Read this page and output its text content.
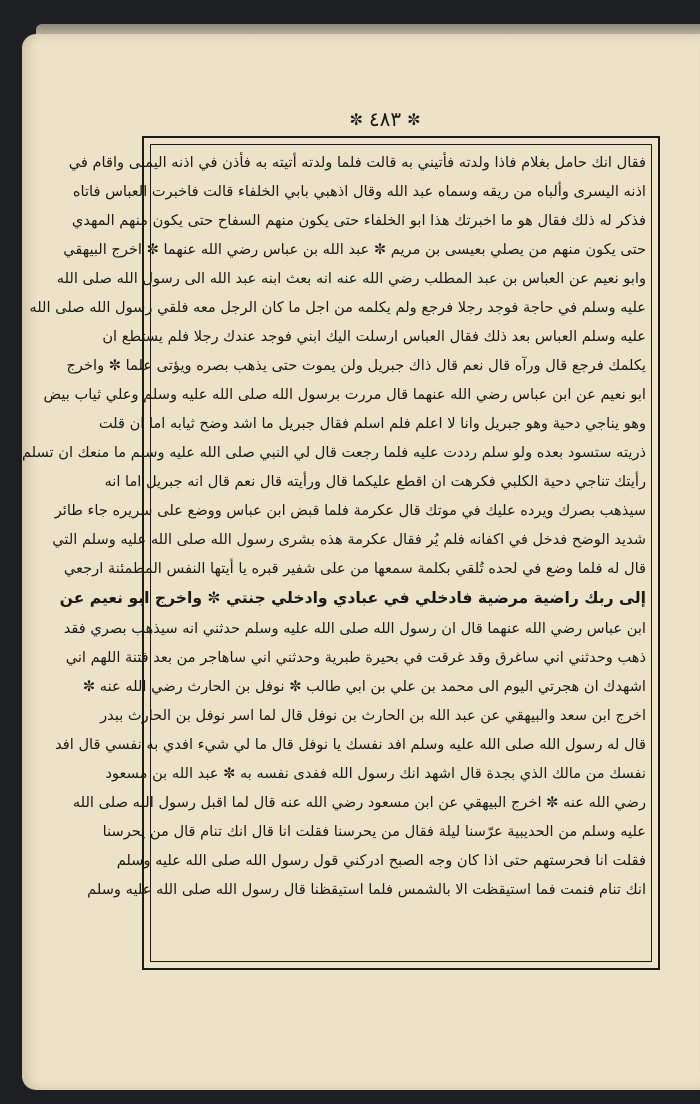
✼ ٤٨٣ ✼
فقال انك حامل بغلام فاذا ولدته فأتيني به قالت فلما ولدته أتيته به فأذن في اذنه اليمنى واقام في
اذنه اليسرى وألباه من ريقه وسماه عبد الله وقال اذهبي بابي الخلفاء قالت فاخبرت العباس فاتاه
فذكر له ذلك فقال هو ما اخبرتك هذا ابو الخلفاء حتى يكون منهم السفاح حتى يكون منهم المهدي
حتى يكون منهم من يصلي بعيسى بن مريم ✼ عبد الله بن عباس رضي الله عنهما ✼ اخرج البيهقي
وابو نعيم عن العباس بن عبد المطلب رضي الله عنه انه بعث ابنه عبد الله الى رسول الله صلى الله
عليه وسلم في حاجة فوجد رجلا فرجع ولم يكلمه من اجل ما كان الرجل معه فلقي رسول الله صلى الله
عليه وسلم العباس بعد ذلك فقال العباس ارسلت اليك ابني فوجد عندك رجلا فلم يستطع ان
يكلمك فرجع قال ورآه قال نعم قال ذاك جبريل ولن يموت حتى يذهب بصره ويؤتى علما ✼ واخرج
ابو نعيم عن ابن عباس رضي الله عنهما قال مررت برسول الله صلى الله عليه وسلم وعلي ثياب بيض
وهو يناجي دحية وهو جبريل وانا لا اعلم فلم اسلم فقال جبريل ما اشد وضح ثيابه اما ان قلت
ذريته ستسود بعده ولو سلم رددت عليه فلما رجعت قال لي النبي صلى الله عليه وسلم ما منعك ان تسلم
رأيتك تناجي دحية الكلبي فكرهت ان اقطع عليكما قال ورأيته قال نعم قال انه جبريل اما انه
سيذهب بصرك ويرده عليك في موتك قال عكرمة فلما قبض ابن عباس ووضع على سريره جاء طائر
شديد الوضح فدخل في اكفانه فلم يُر فقال عكرمة هذه بشرى رسول الله صلى الله عليه وسلم التي
قال له فلما وضع في لحده تُلقي بكلمة سمعها من على شفير قبره يا أيتها النفس المطمئنة ارجعي
إلى ربك راضية مرضية فادخلي في عبادي وادخلي جنتي ✼ واخرج ابو نعيم عن
ابن عباس رضي الله عنهما قال ان رسول الله صلى الله عليه وسلم حدثني انه سيذهب بصري فقد
ذهب وحدثني اني ساغرق وقد غرقت في بحيرة طبرية وحدثني اني ساهاجر من بعد فتنة اللهم اني
اشهدك ان هجرتي اليوم الى محمد بن علي بن ابي طالب ✼ نوفل بن الحارث رضي الله عنه ✼
اخرج ابن سعد والبيهقي عن عبد الله بن الحارث بن نوفل قال لما اسر نوفل بن الحارث ببدر
قال له رسول الله صلى الله عليه وسلم افد نفسك يا نوفل قال ما لي شيء افدي به نفسي قال افد
نفسك من مالك الذي بجدة قال اشهد انك رسول الله ففدى نفسه به ✼ عبد الله بن مسعود
رضي الله عنه ✼ اخرج البيهقي عن ابن مسعود رضي الله عنه قال لما اقبل رسول الله صلى الله
عليه وسلم من الحديبية عرّسنا ليلة فقال من يحرسنا فقلت انا قال انك تنام قال من يحرسنا
فقلت انا فحرستهم حتى اذا كان وجه الصبح ادركني قول رسول الله صلى الله عليه وسلم
انك تنام فنمت فما استيقظت الا بالشمس فلما استيقظنا قال رسول الله صلى الله عليه وسلم
